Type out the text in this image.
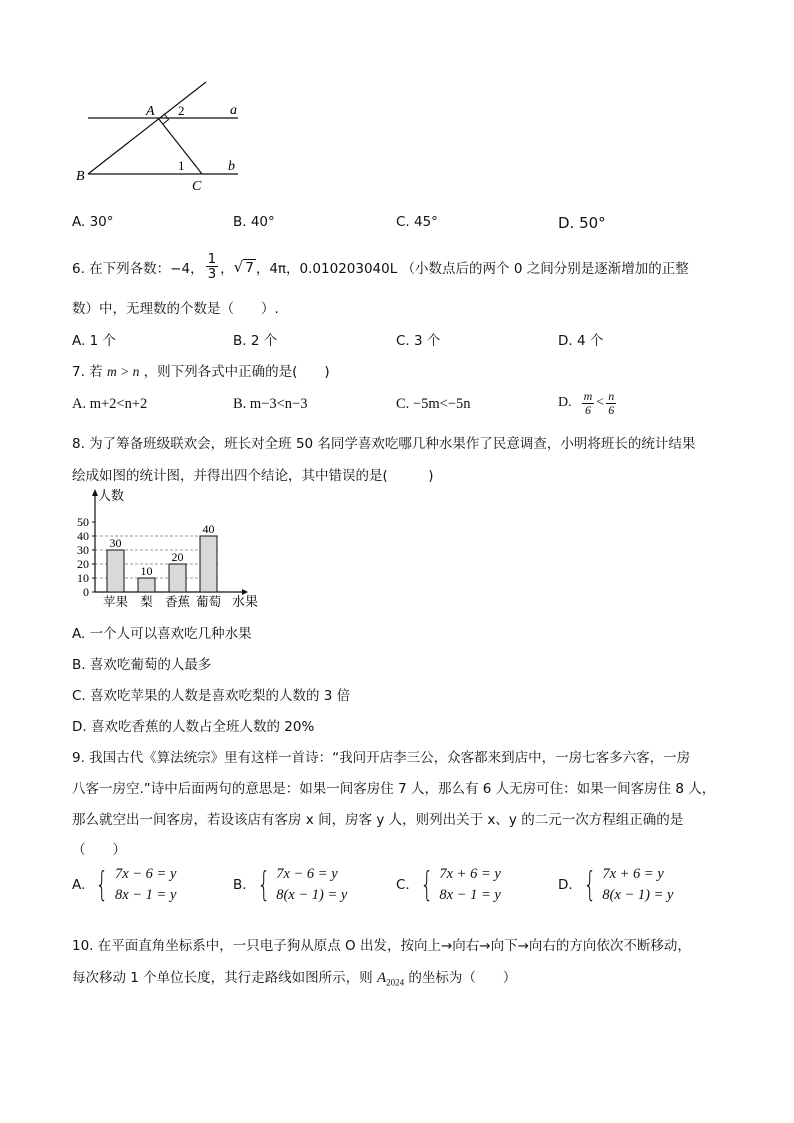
A 2	a
B
1
C
b
A. 30°	B. 40°	C. 45°	D. 50°
6. 在下列各数：−4， $\frac{1}{3}$ ， √ 7 ，4π，0.010203040L （小数点后的两个 0 之间分别是逐渐增加的正整
数）中，无理数的个数是（　　）.
A. 1 个	B. 2 个	C. 3 个	D. 4 个
7. 若 m > n ，则下列各式中正确的是(　　)
A. m+2<n+2	B. m−3<n−3	C. −5m<−5n	D. $\frac{m}{6} < \frac{n}{6}$
8. 为了筹备班级联欢会，班长对全班 50 名同学喜欢吃哪几种水果作了民意调查，小明将班长的统计结果
绘成如图的统计图，并得出四个结论，其中错误的是(　　　)
0
10
20
30
40
50
人数
水果
30
苹果
10
梨
20
香蕉
40
葡萄
A. 一个人可以喜欢吃几种水果
B. 喜欢吃葡萄的人最多
C. 喜欢吃苹果的人数是喜欢吃梨的人数的 3 倍
D. 喜欢吃香蕉的人数占全班人数的 20%
9. 我国古代《算法统宗》里有这样一首诗：“我问开店李三公，众客都来到店中，一房七客多六客，一房
八客一房空.”诗中后面两句的意思是：如果一间客房住 7 人，那么有 6 人无房可住：如果一间客房住 8 人，
那么就空出一间客房，若设该店有客房 x 间，房客 y 人，则列出关于 x、y 的二元一次方程组正确的是
（　　）
A. { 7x − 6 = y
8x − 1 = y
B. { 7x − 6 = y
8(x − 1) = y
C. { 7x + 6 = y
8x − 1 = y
D. { 7x + 6 = y
8(x − 1) = y
10. 在平面直角坐标系中，一只电子狗从原点 O 出发，按向上→向右→向下→向右的方向依次不断移动，
每次移动 1 个单位长度，其行走路线如图所示，则 $A_{2024}$ 的坐标为（　　）
